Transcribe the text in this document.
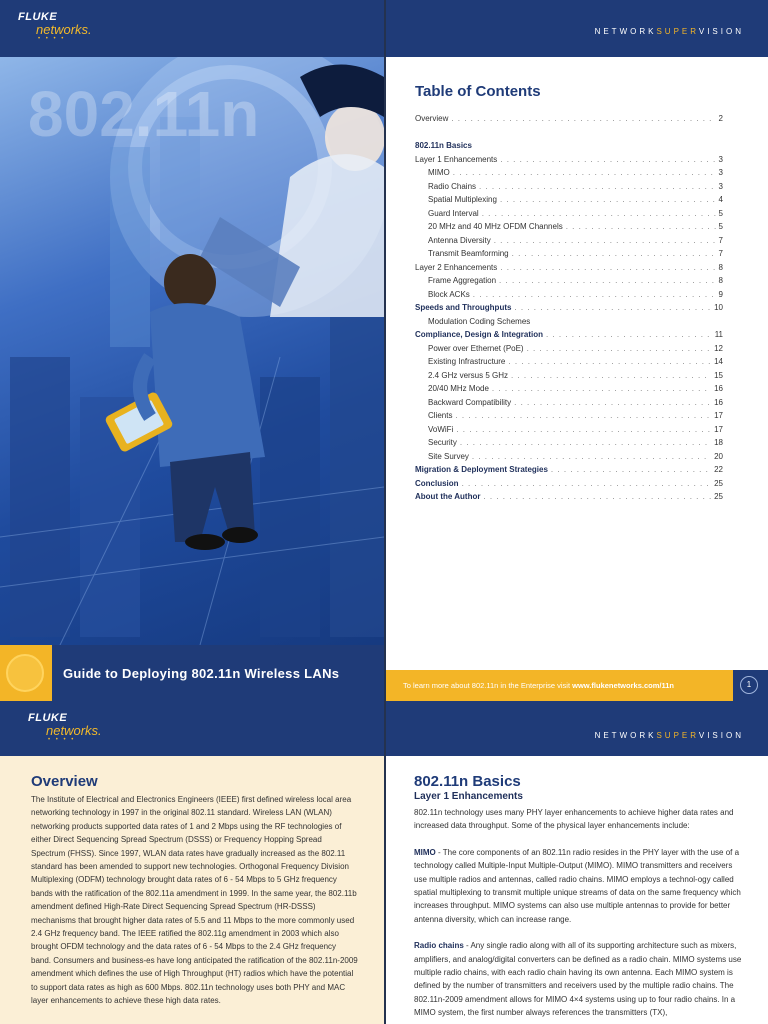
FLUKE
networks.
• • • •
802.11n
Guide to Deploying 802.11n Wireless LANs
NETWORKSUPERVISION
Table of Contents
Overview . . .	2
802.11n Basics
Layer 1 Enhancements . . .	3
MIMO . . .	3
Radio Chains . . .	3
Spatial Multiplexing . . .	4
Guard Interval . . .	5
20 MHz and 40 MHz OFDM Channels . . .	5
Antenna Diversity . . .	7
Transmit Beamforming . . .	7
Layer 2 Enhancements . . .	8
Frame Aggregation . . .	8
Block ACKs . . .	9
Speeds and Throughputs . . .	10
Modulation Coding Schemes
Compliance, Design & Integration . . .	11
Power over Ethernet (PoE) . . .	12
Existing Infrastructure . . .	14
2.4 GHz versus 5 GHz . . .	15
20/40 MHz Mode . . .	16
Backward Compatibility . . .	16
Clients . . .	17
VoWiFi . . .	17
Security . . .	18
Site Survey . . .	20
Migration & Deployment Strategies . . .	22
Conclusion . . .	25
About the Author . . .	25
To learn more about 802.11n in the Enterprise visit www.flukenetworks.com/11n	1
FLUKE
networks.
• • • •	NETWORKSUPERVISION
Overview
The Institute of Electrical and Electronics Engineers (IEEE) first defined wireless local area networking technology in 1997 in the original 802.11 standard. Wireless LAN (WLAN) networking products supported data rates of 1 and 2 Mbps using the RF technologies of either Direct Sequencing Spread Spectrum (DSSS) or Frequency Hopping Spread Spectrum (FHSS). Since 1997, WLAN data rates have gradually increased as the 802.11 standard has been amended to support new technologies. Orthogonal Frequency Division Multiplexing (ODFM) technology brought data rates of 6 - 54 Mbps to 5 GHz frequency bands with the ratification of the 802.11a amendment in 1999. In the same year, the 802.11b amendment defined High-Rate Direct Sequencing Spread Spectrum (HR-DSSS) mechanisms that brought higher data rates of 5.5 and 11 Mbps to the more commonly used 2.4 GHz frequency band. The IEEE ratified the 802.11g amendment in 2003 which also brought OFDM technology and the data rates of 6 - 54 Mbps to the 2.4 GHz frequency band. Consumers and business-es have long anticipated the ratification of the 802.11n-2009 amendment which defines the use of High Throughput (HT) radios which have the potential to support data rates as high as 600 Mbps. 802.11n technology uses both PHY and MAC layer enhancements to achieve these high data rates.
802.11n Basics
Layer 1 Enhancements

802.11n technology uses many PHY layer enhancements to achieve higher data rates and increased data throughput. Some of the physical layer enhancements include:

MIMO - The core components of an 802.11n radio resides in the PHY layer with the use of a technology called Multiple-Input Multiple-Output (MIMO). MIMO transmitters and receivers use multiple radios and antennas, called radio chains. MIMO employs a technol-ogy called spatial multiplexing to transmit multiple unique streams of data on the same frequency which increases throughput. MIMO systems can also use multiple antennas to provide for better antenna diversity, which can increase range.

Radio chains - Any single radio along with all of its supporting architecture such as mixers, amplifiers, and analog/digital converters can be defined as a radio chain. MIMO systems use multiple radio chains, with each radio chain having its own antenna. Each MIMO system is defined by the number of transmitters and receivers used by the multiple radio chains. The 802.11n-2009 amendment allows for MIMO 4×4 systems using up to four radio chains. In a MIMO system, the first number always references the transmitters (TX),
